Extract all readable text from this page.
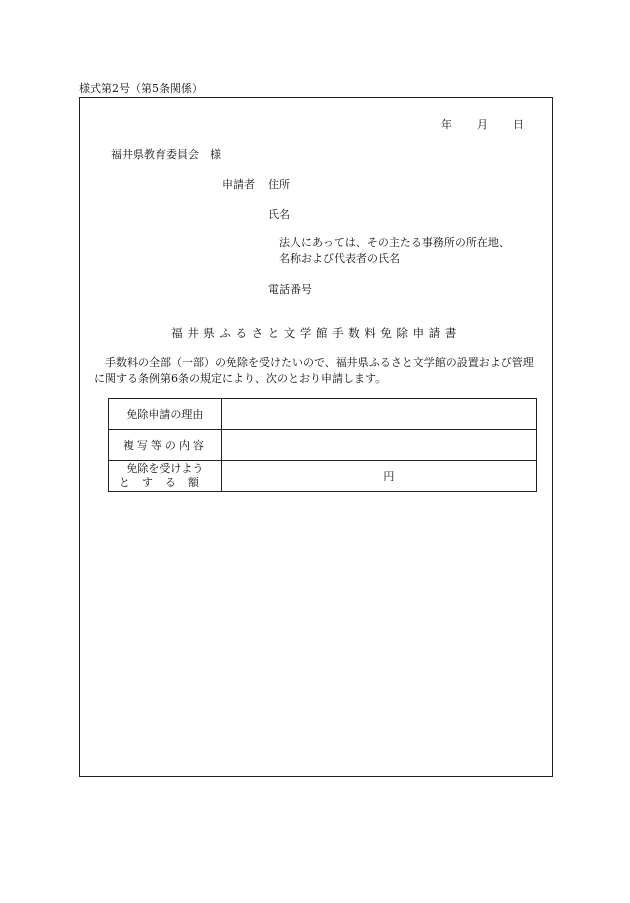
様式第2号（第5条関係）
年	月	日
福井県教育委員会　様
申請者 住所
氏名
法人にあっては、その主たる事務所の所在地、名称および代表者の氏名
電話番号
福井県ふるさと文学館手数料免除申請書
手数料の全部（一部）の免除を受けたいので、福井県ふるさと文学館の設置および管理に関する条例第6条の規定により、次のとおり申請します。
免除申請の理由	
複写等の内容	

免除を受けよう
とする額	円
